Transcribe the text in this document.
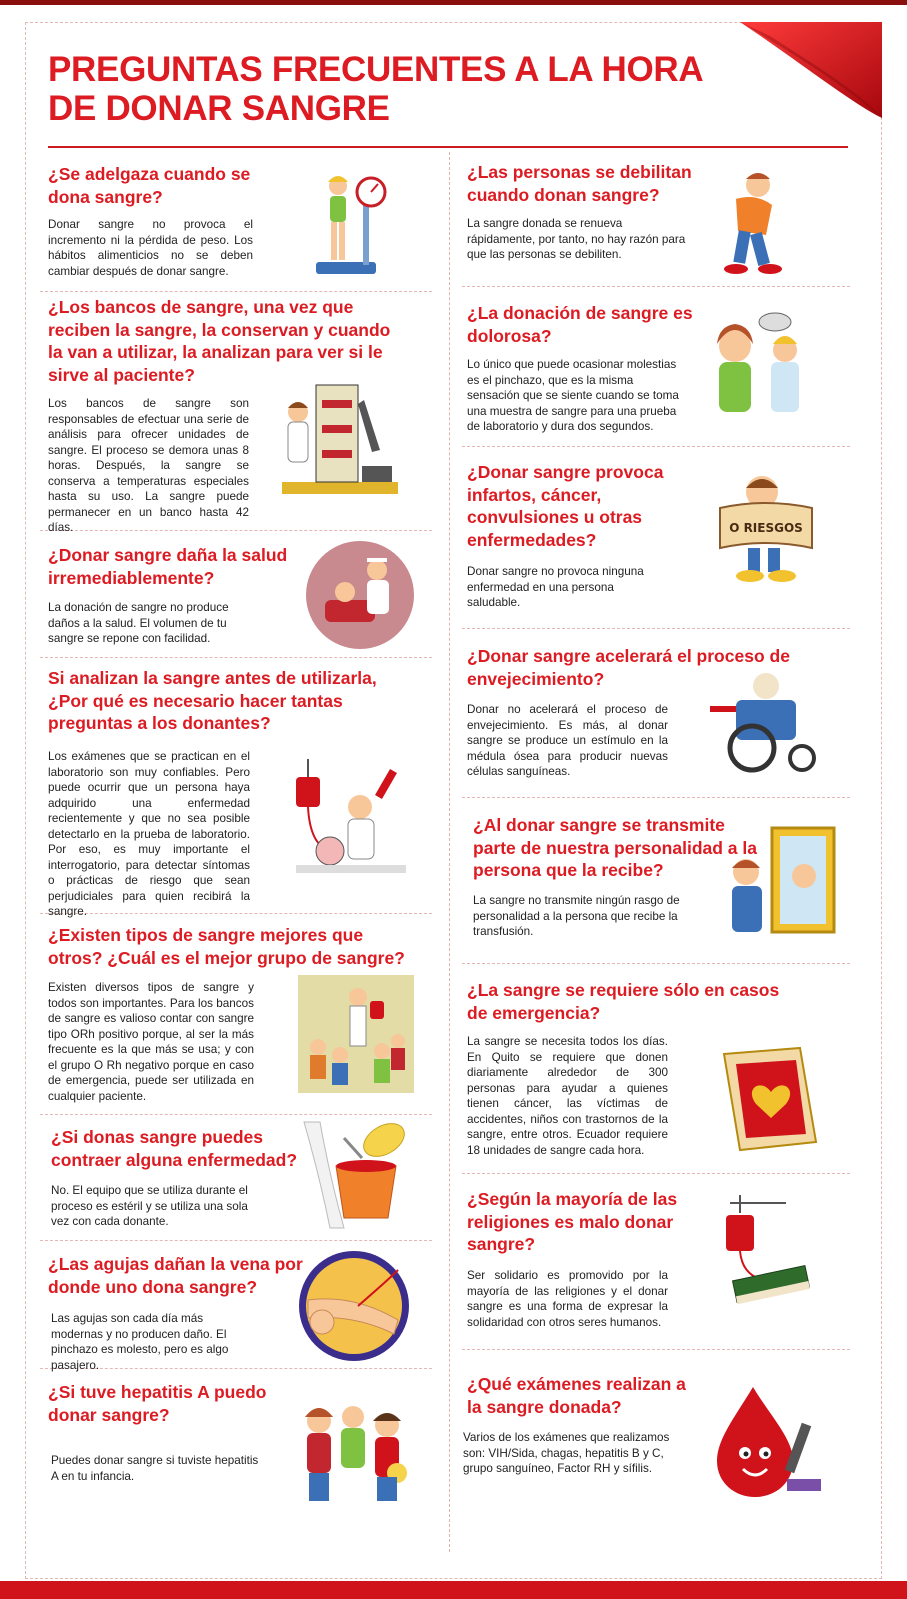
PREGUNTAS FRECUENTES A LA HORA
DE DONAR SANGRE

¿Se adelgaza cuando se dona sangre?

Donar sangre no provoca el incremento ni la pérdida de peso. Los hábitos alimenticios no se deben cambiar después de donar sangre.

¿Los bancos de sangre, una vez que reciben la sangre, la conservan y cuando la van a utilizar, la analizan para ver si le sirve al paciente?

Los bancos de sangre son responsables de efectuar una serie de análisis para ofrecer unidades de sangre. El proceso se demora unas 8 horas. Después, la sangre se conserva a temperaturas especiales hasta su uso. La sangre puede permanecer en un banco hasta 42 días.

¿Donar sangre daña la salud irremediablemente?

La donación de sangre no produce daños a la salud. El volumen de tu sangre se repone con facilidad.

Si analizan la sangre antes de utilizarla, ¿Por qué es necesario hacer tantas preguntas a los donantes?

Los exámenes que se practican en el laboratorio son muy confiables. Pero puede ocurrir que un persona haya adquirido una enfermedad recientemente y que no sea posible detectarlo en la prueba de laboratorio. Por eso, es muy importante el interrogatorio, para detectar síntomas o prácticas de riesgo que sean perjudiciales para quien recibirá la sangre.

¿Existen tipos de sangre mejores que otros? ¿Cuál es el mejor grupo de sangre?

Existen diversos tipos de sangre y todos son importantes. Para los bancos de sangre es valioso contar con sangre tipo ORh positivo porque, al ser la más frecuente es la que más se usa; y con el grupo O Rh negativo porque en caso de emergencia, puede ser utilizada en cualquier paciente.

¿Si donas sangre puedes contraer alguna enfermedad?

No. El equipo que se utiliza durante el proceso es estéril y se utiliza una sola vez con cada donante.

¿Las agujas dañan la vena por donde uno dona sangre?

Las agujas son cada día más modernas y no producen daño. El pinchazo es molesto, pero es algo pasajero.

¿Si tuve hepatitis A puedo donar sangre?

Puedes donar sangre si tuviste hepatitis A en tu infancia.

¿Las personas se debilitan cuando donan sangre?

La sangre donada se renueva rápidamente, por tanto, no hay razón para que las personas se debiliten.

¿La donación de sangre es dolorosa?

Lo único que puede ocasionar molestias es el pinchazo, que es la misma sensación que se siente cuando se toma una muestra de sangre para una prueba de laboratorio y dura dos segundos.

¿Donar sangre provoca infartos, cáncer, convulsiones u otras enfermedades?

Donar sangre no provoca ninguna enfermedad en una persona saludable.

O RIESGOS

¿Donar sangre acelerará el proceso de envejecimiento?

Donar no acelerará el proceso de envejecimiento. Es más, al donar sangre se produce un estímulo en la médula ósea para producir nuevas células sanguíneas.

¿Al donar sangre se transmite parte de nuestra personalidad a la persona que la recibe?

La sangre no transmite ningún rasgo de personalidad a la persona que recibe la transfusión.

¿La sangre se requiere sólo en casos de emergencia?

La sangre se necesita todos los días. En Quito se requiere que donen diariamente alrededor de 300 personas para ayudar a quienes tienen cáncer, las víctimas de accidentes, niños con trastornos de la sangre, entre otros. Ecuador requiere 18 unidades de sangre cada hora.

¿Según la mayoría de las religiones es malo donar sangre?

Ser solidario es promovido por la mayoría de las religiones y el donar sangre es una forma de expresar la solidaridad con otros seres humanos.

¿Qué exámenes realizan a la sangre donada?

Varios de los exámenes que realizamos son: VIH/Sida, chagas, hepatitis B y C, grupo sanguíneo, Factor RH y sífilis.
